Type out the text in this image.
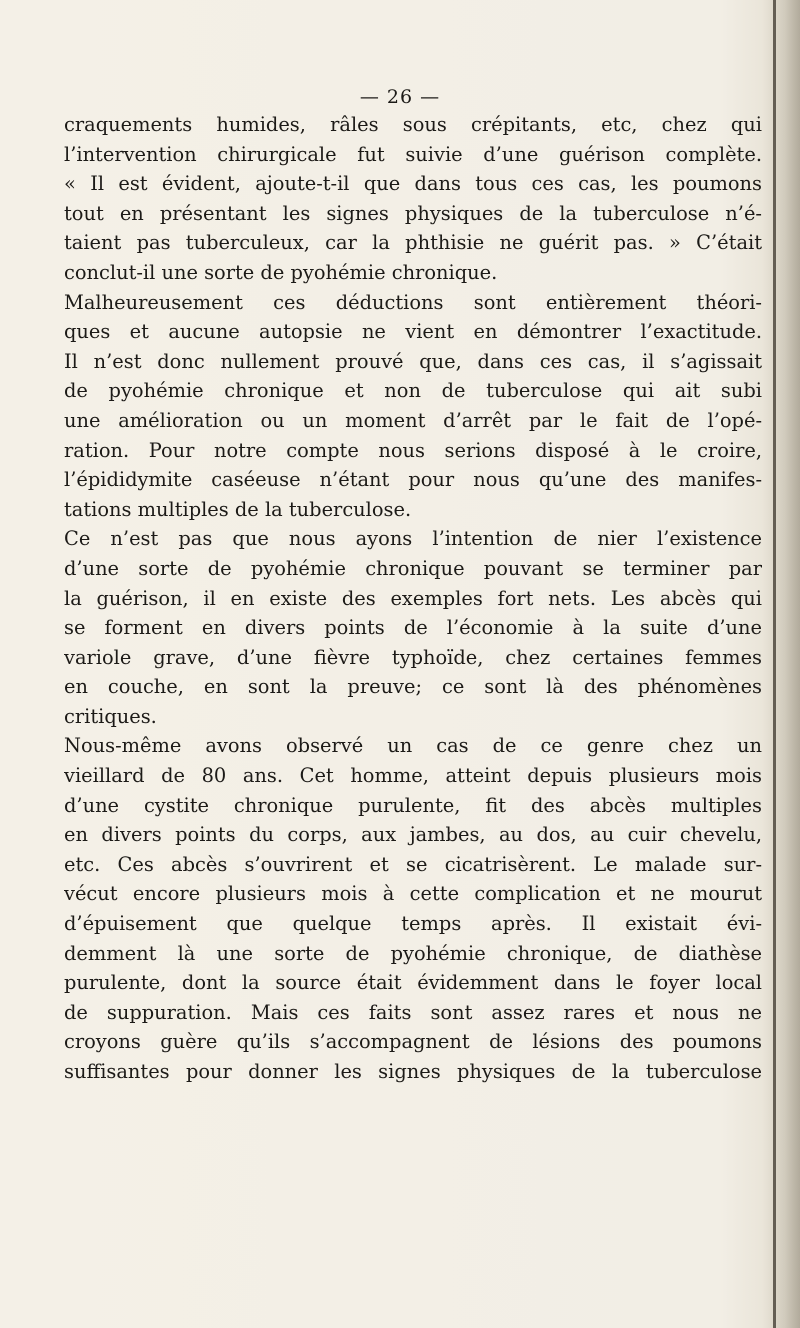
— 26 —
craquements humides, râles sous crépitants, etc, chez qui
l’intervention chirurgicale fut suivie d’une guérison complète.
« Il est évident, ajoute-t-il que dans tous ces cas, les poumons
tout en présentant les signes physiques de la tuberculose n’é-
taient pas tuberculeux, car la phthisie ne guérit pas. » C’était
conclut-il une sorte de pyohémie chronique.
Malheureusement ces déductions sont entièrement théori-
ques et aucune autopsie ne vient en démontrer l’exactitude.
Il n’est donc nullement prouvé que, dans ces cas, il s’agissait
de pyohémie chronique et non de tuberculose qui ait subi
une amélioration ou un moment d’arrêt par le fait de l’opé-
ration. Pour notre compte nous serions disposé à le croire,
l’épididymite caséeuse n’étant pour nous qu’une des manifes-
tations multiples de la tuberculose.
Ce n’est pas que nous ayons l’intention de nier l’existence
d’une sorte de pyohémie chronique pouvant se terminer par
la guérison, il en existe des exemples fort nets. Les abcès qui
se forment en divers points de l’économie à la suite d’une
variole grave, d’une fièvre typhoïde, chez certaines femmes
en couche, en sont la preuve; ce sont là des phénomènes
critiques.
Nous-même avons observé un cas de ce genre chez un
vieillard de 80 ans. Cet homme, atteint depuis plusieurs mois
d’une cystite chronique purulente, fit des abcès multiples
en divers points du corps, aux jambes, au dos, au cuir chevelu,
etc. Ces abcès s’ouvrirent et se cicatrisèrent. Le malade sur-
vécut encore plusieurs mois à cette complication et ne mourut
d’épuisement que quelque temps après. Il existait évi-
demment là une sorte de pyohémie chronique, de diathèse
purulente, dont la source était évidemment dans le foyer local
de suppuration. Mais ces faits sont assez rares et nous ne
croyons guère qu’ils s’accompagnent de lésions des poumons
suffisantes pour donner les signes physiques de la tuberculose
